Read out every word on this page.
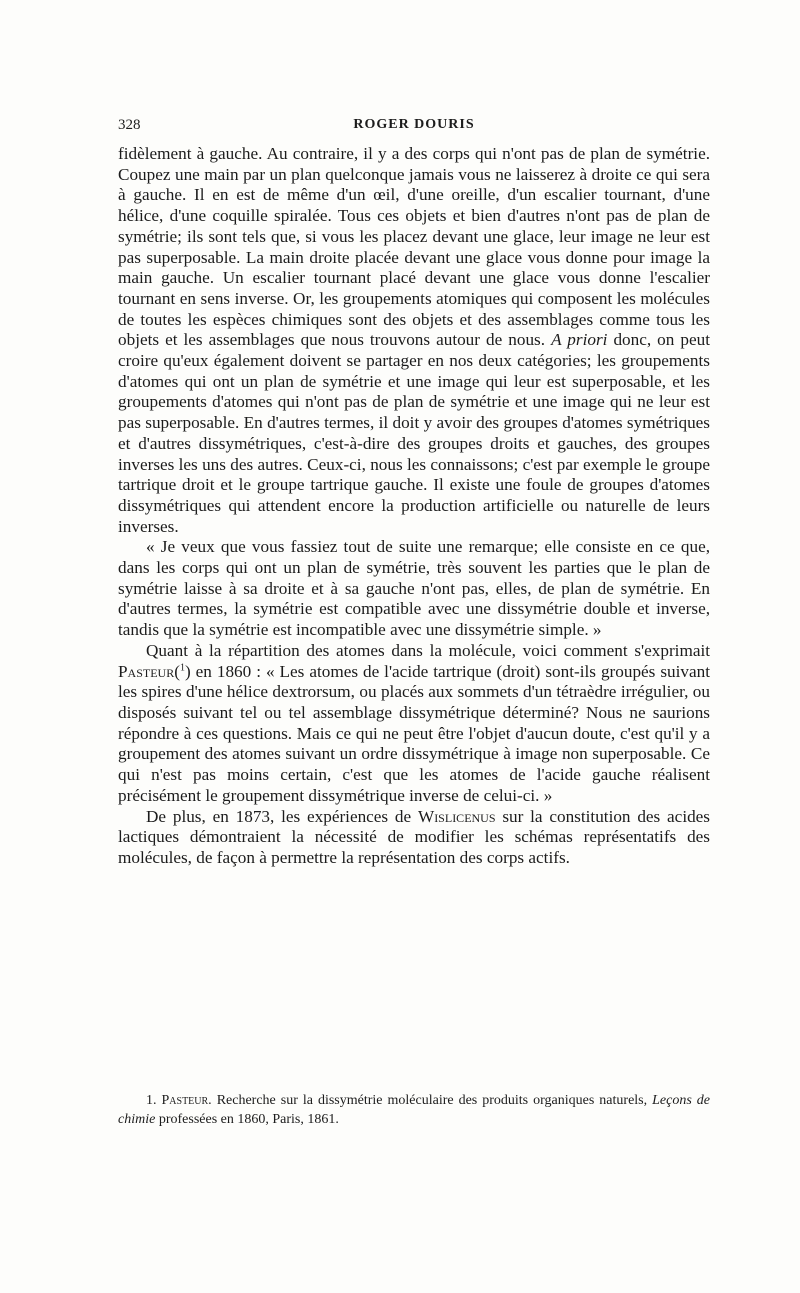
328	ROGER DOURIS

fidèlement à gauche. Au contraire, il y a des corps qui n'ont pas de plan de symétrie. Coupez une main par un plan quelconque jamais vous ne laisserez à droite ce qui sera à gauche. Il en est de même d'un œil, d'une oreille, d'un escalier tournant, d'une hélice, d'une coquille spiralée. Tous ces objets et bien d'autres n'ont pas de plan de symétrie; ils sont tels que, si vous les placez devant une glace, leur image ne leur est pas superposable. La main droite placée devant une glace vous donne pour image la main gauche. Un escalier tournant placé devant une glace vous donne l'escalier tournant en sens inverse. Or, les groupements atomiques qui composent les molécules de toutes les espèces chimiques sont des objets et des assemblages comme tous les objets et les assemblages que nous trouvons autour de nous. A priori donc, on peut croire qu'eux également doivent se partager en nos deux catégories; les groupements d'atomes qui ont un plan de symétrie et une image qui leur est superposable, et les groupements d'atomes qui n'ont pas de plan de symétrie et une image qui ne leur est pas superposable. En d'autres termes, il doit y avoir des groupes d'atomes symétriques et d'autres dissymétriques, c'est-à-dire des groupes droits et gauches, des groupes inverses les uns des autres. Ceux-ci, nous les connaissons; c'est par exemple le groupe tartrique droit et le groupe tartrique gauche. Il existe une foule de groupes d'atomes dissymétriques qui attendent encore la production artificielle ou naturelle de leurs inverses.

« Je veux que vous fassiez tout de suite une remarque; elle consiste en ce que, dans les corps qui ont un plan de symétrie, très souvent les parties que le plan de symétrie laisse à sa droite et à sa gauche n'ont pas, elles, de plan de symétrie. En d'autres termes, la symétrie est compatible avec une dissymétrie double et inverse, tandis que la symétrie est incompatible avec une dissymétrie simple. »

Quant à la répartition des atomes dans la molécule, voici comment s'exprimait Pasteur($^1$) en 1860 : « Les atomes de l'acide tartrique (droit) sont-ils groupés suivant les spires d'une hélice dextrorsum, ou placés aux sommets d'un tétraèdre irrégulier, ou disposés suivant tel ou tel assemblage dissymétrique déterminé? Nous ne saurions répondre à ces questions. Mais ce qui ne peut être l'objet d'aucun doute, c'est qu'il y a groupement des atomes suivant un ordre dissymétrique à image non superposable. Ce qui n'est pas moins certain, c'est que les atomes de l'acide gauche réalisent précisément le groupement dissymétrique inverse de celui-ci. »

De plus, en 1873, les expériences de Wislicenus sur la constitution des acides lactiques démontraient la nécessité de modifier les schémas représentatifs des molécules, de façon à permettre la représentation des corps actifs.

1. Pasteur. Recherche sur la dissymétrie moléculaire des produits organiques naturels, Leçons de chimie professées en 1860, Paris, 1861.
